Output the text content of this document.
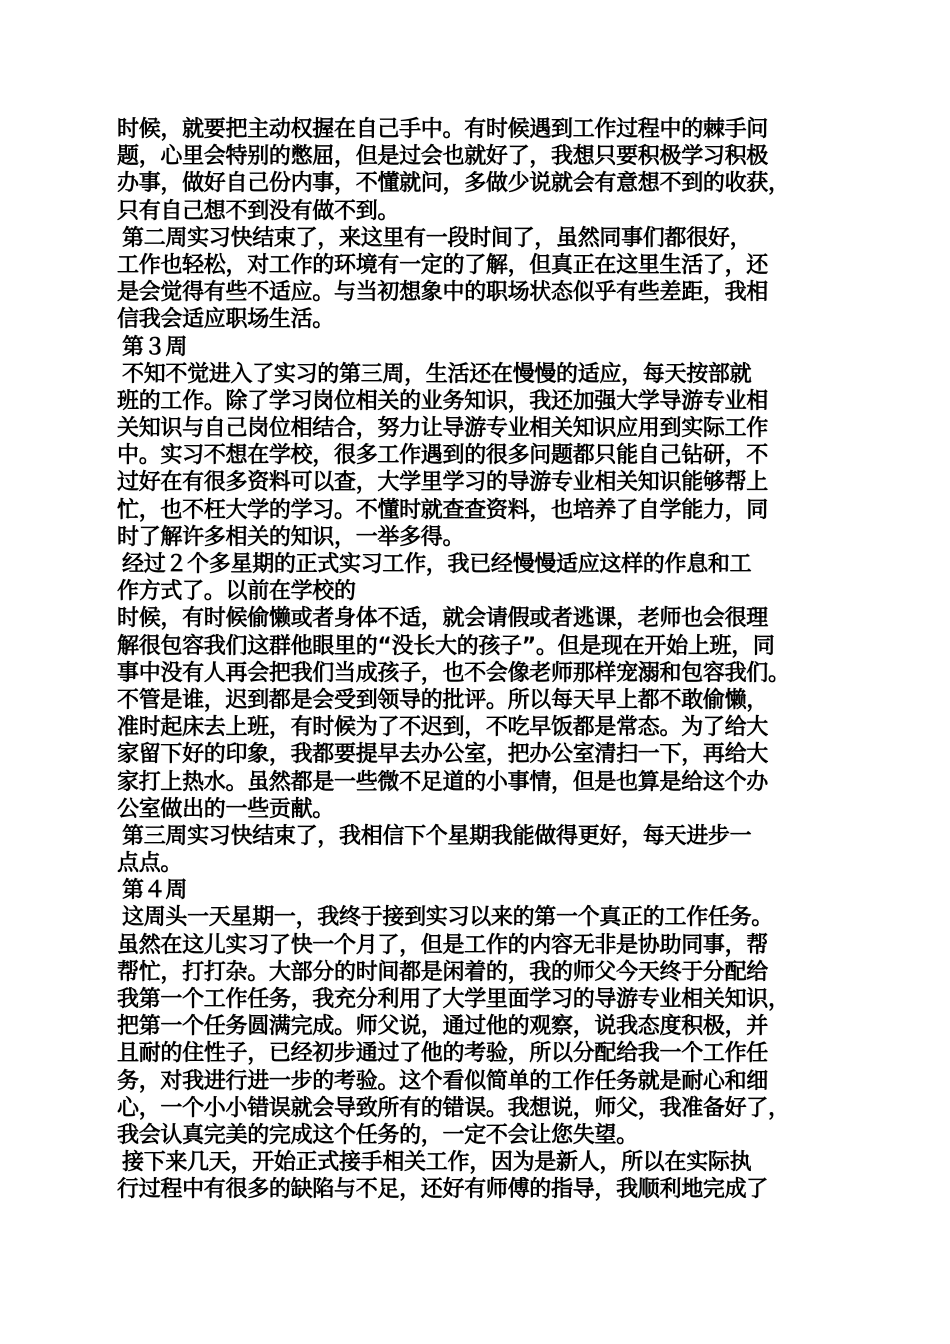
时候，就要把主动权握在自己手中。有时候遇到工作过程中的棘手问
题，心里会特别的憋屈，但是过会也就好了，我想只要积极学习积极
办事，做好自己份内事，不懂就问，多做少说就会有意想不到的收获，
只有自己想不到没有做不到。
第二周实习快结束了，来这里有一段时间了，虽然同事们都很好，
工作也轻松，对工作的环境有一定的了解，但真正在这里生活了，还
是会觉得有些不适应。与当初想象中的职场状态似乎有些差距，我相
信我会适应职场生活。
第３周
不知不觉进入了实习的第三周，生活还在慢慢的适应，每天按部就
班的工作。除了学习岗位相关的业务知识，我还加强大学导游专业相
关知识与自己岗位相结合，努力让导游专业相关知识应用到实际工作
中。实习不想在学校，很多工作遇到的很多问题都只能自己钻研，不
过好在有很多资料可以查，大学里学习的导游专业相关知识能够帮上
忙，也不枉大学的学习。不懂时就查查资料，也培养了自学能力，同
时了解许多相关的知识，一举多得。
经过２个多星期的正式实习工作，我已经慢慢适应这样的作息和工
作方式了。以前在学校的
时候，有时候偷懒或者身体不适，就会请假或者逃课，老师也会很理
解很包容我们这群他眼里的“没长大的孩子”。但是现在开始上班，同
事中没有人再会把我们当成孩子，也不会像老师那样宠溺和包容我们。
不管是谁，迟到都是会受到领导的批评。所以每天早上都不敢偷懒，
准时起床去上班，有时候为了不迟到，不吃早饭都是常态。为了给大
家留下好的印象，我都要提早去办公室，把办公室清扫一下，再给大
家打上热水。虽然都是一些微不足道的小事情，但是也算是给这个办
公室做出的一些贡献。
第三周实习快结束了，我相信下个星期我能做得更好，每天进步一
点点。
第４周
这周头一天星期一，我终于接到实习以来的第一个真正的工作任务。
虽然在这儿实习了快一个月了，但是工作的内容无非是协助同事，帮
帮忙，打打杂。大部分的时间都是闲着的，我的师父今天终于分配给
我第一个工作任务，我充分利用了大学里面学习的导游专业相关知识，
把第一个任务圆满完成。师父说，通过他的观察，说我态度积极，并
且耐的住性子，已经初步通过了他的考验，所以分配给我一个工作任
务，对我进行进一步的考验。这个看似简单的工作任务就是耐心和细
心，一个小小错误就会导致所有的错误。我想说，师父，我准备好了，
我会认真完美的完成这个任务的，一定不会让您失望。
接下来几天，开始正式接手相关工作，因为是新人，所以在实际执
行过程中有很多的缺陷与不足，还好有师傅的指导，我顺利地完成了
